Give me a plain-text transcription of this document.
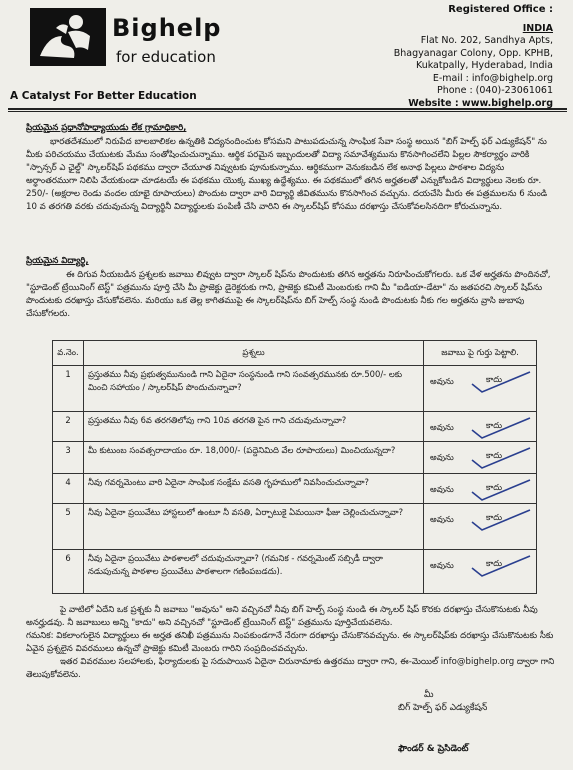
Bighelp
for education
A Catalyst For Better Education
Registered Office :
INDIA
Flat No. 202, Sandhya Apts,
Bhagyanagar Colony, Opp. KPHB,
Kukatpally, Hyderabad, India
E-mail : info@bighelp.org
Phone : (040)-23061061
Website : www.bighelp.org
ప్రియమైన ప్రధానోపాధ్యాయుడు లేక గ్రామాధికారి,
భారతదేశములో నిరుపేద బాలబాలికల ఉన్నతికి విద్యనందించుట కోసమని పాటుపడుచున్న సాంఘిక సేవా సంస్థ అయిన "బిగ్ హెల్ప్ ఫర్ ఎడ్యుకేషన్" ను మీకు పరిచయము చేయుటకు మేము సంతోషించుచున్నాము. ఆర్థిక పరమైన ఇబ్బందులతో విద్యా సమావేశ్యమును కొనసాగించలేని పిల్లల సౌకర్యార్థం వారికి "స్పాన్సర్ ఎ ఛైల్డ్" స్కాలర్‌షిప్ పథకము ద్వారా చేయూత నివ్వుటకు పూనుకున్నాము. ఆర్థికముగా వెనుకబడిన లేక అనాథ పిల్లలు పాఠశాల విద్యను అర్ధాంతరముగా నిలిపి వేయకుండా చూడటయే ఈ పథకము యొక్క ముఖ్య ఉద్దేశ్యము. ఈ పథకములో తగిన అర్హతలతో ఎన్నుకోబడిన విద్యార్థులు నెలకు రూ. 250/- (అక్షరాల రెండు వందల యాభై రూపాయలు) పొందుట ద్వారా వారి విద్యార్థి జీవితమును కొనసాగించ వచ్చును. దయచేసి మీరు ఈ పత్రములను 6 నుండి 10 వ తరగతి వరకు చదువుచున్న విద్యార్థినీ విద్యార్థులకు పంపిణీ చేసి వారిని ఈ స్కాలర్‌షిప్ కోసము దరఖాస్తు చేసుకోవలసినదిగా కోరుచున్నాను.
ప్రియమైన విద్యార్థి,
ఈ దిగువ నీయబడిన ప్రశ్నలకు జవాబు లివ్వుట ద్వారా స్కాలర్ షిప్‌ను పొందుటకు తగిన అర్హతను నిరూపించుకోగలరు. ఒక వేళ అర్హతను పొందినచో, "స్టూడెంట్ ట్రేయినింగ్ టెస్ట్" పత్రమును పూర్తి చేసి మీ ప్రాజెక్టు డైరెక్టరుకు గాని, ప్రాజెక్టు కమిటీ మెంబరుకు గాని మీ "ఐడియా-డేటా" ను జతపరచి స్కాలర్ షిప్‌ను పొందుటకు దరఖాస్తు చేసుకోవలెను. మరియు ఒక తెల్ల కాగితముపై ఈ స్కాలర్‌షిప్‌ను బిగ్ హెల్ప్ సంస్థ నుండి పొందుటకు నీకు గల అర్హతను వ్రాసి జుబాపు చేసుకోగలరు.
వ.నెం.	ప్రశ్నలు	జవాబు పై గుర్తు పెట్టాలి.
1	ప్రస్తుతము నీవు ప్రభుత్వమునుండి గాని ఏదైనా సంస్థనుండి గాని సంవత్సరమునకు రూ.500/- లకు మించి సహాయం / స్కాలర్‌షిప్ పొందుచున్నావా?	అవును కాదు

2	ప్రస్తుతము నీవు 6వ తరగతిలోపు గాని 10వ తరగతి పైన గాని చదువుచున్నావా?	అవును కాదు

3	మీ కుటుంబ సంవత్సరాదాయం రూ. 18,000/- (పద్దెనిమిది వేల రూపాయలు) మించియున్నదా?	అవును కాదు

4	నీవు గవర్నమెంటు వారి ఏదైనా సాంఘిక సంక్షేమ వసతి గృహములో నివసించుచున్నావా?	అవును కాదు

5	నీవు ఏదైనా ప్రయివేటు హాస్టలులో ఉంటూ నీ వసతి, ఏర్పాటుకై ఏమయినా ఫీజు చెల్లించుచున్నావా?	అవును కాదు

6	నీవు ఏదైనా ప్రయివేటు పాఠశాలలో చదువుచున్నావా? (గమనిక - గవర్నమెంట్ సబ్సిడీ ద్వారా నడుపుచున్న పాఠశాల ప్రయివేటు పాఠశాలగా గణింపబడదు).	అవును కాదు
పై వాటిలో ఏదేని ఒక ప్రశ్నకు నీ జవాబు "అవును" అని వచ్చినచో నీవు బిగ్ హెల్ప్ సంస్థ నుండి ఈ స్కాలర్ షిప్ కొరకు దరఖాస్తు చేసుకొనుటకు నీవు అనర్హుడవు. నీ జవాబులు అన్ని "కాదు" అని వచ్చినచో "స్టూడెంట్ ట్రేయినింగ్ టెస్ట్" పత్రమును పూర్తిచేయవలెను.
గమనిక: వికలాంగులైన విద్యార్థులు ఈ అర్హత తనిఖీ పత్రమును నింపకుండగానే నేరుగా దరఖాస్తు చేసుకొనవచ్చును. ఈ స్కాలర్‌షిప్‌కు దరఖాస్తు చేసుకొనుటకు సీకు ఏవైన ప్రశ్నలైన వివరములు ఉన్నచో ప్రాజెక్టు కమిటీ మెంబరు గారిని సంప్రదించవచ్చును.
ఇతర వివరముల సలహాలకు, ఫిర్యాదులకు పై సదుపాయిన ఏదైనా చిరునామాకు ఉత్తరము ద్వారా గాని, ఈ-మెయిల్ info@bighelp.org ద్వారా గాని తెలుపుకోవలెను.
మీ
బిగ్ హెల్ప్ ఫర్ ఎడ్యుకేషన్
ఫౌండర్ & ప్రెసిడెంట్
